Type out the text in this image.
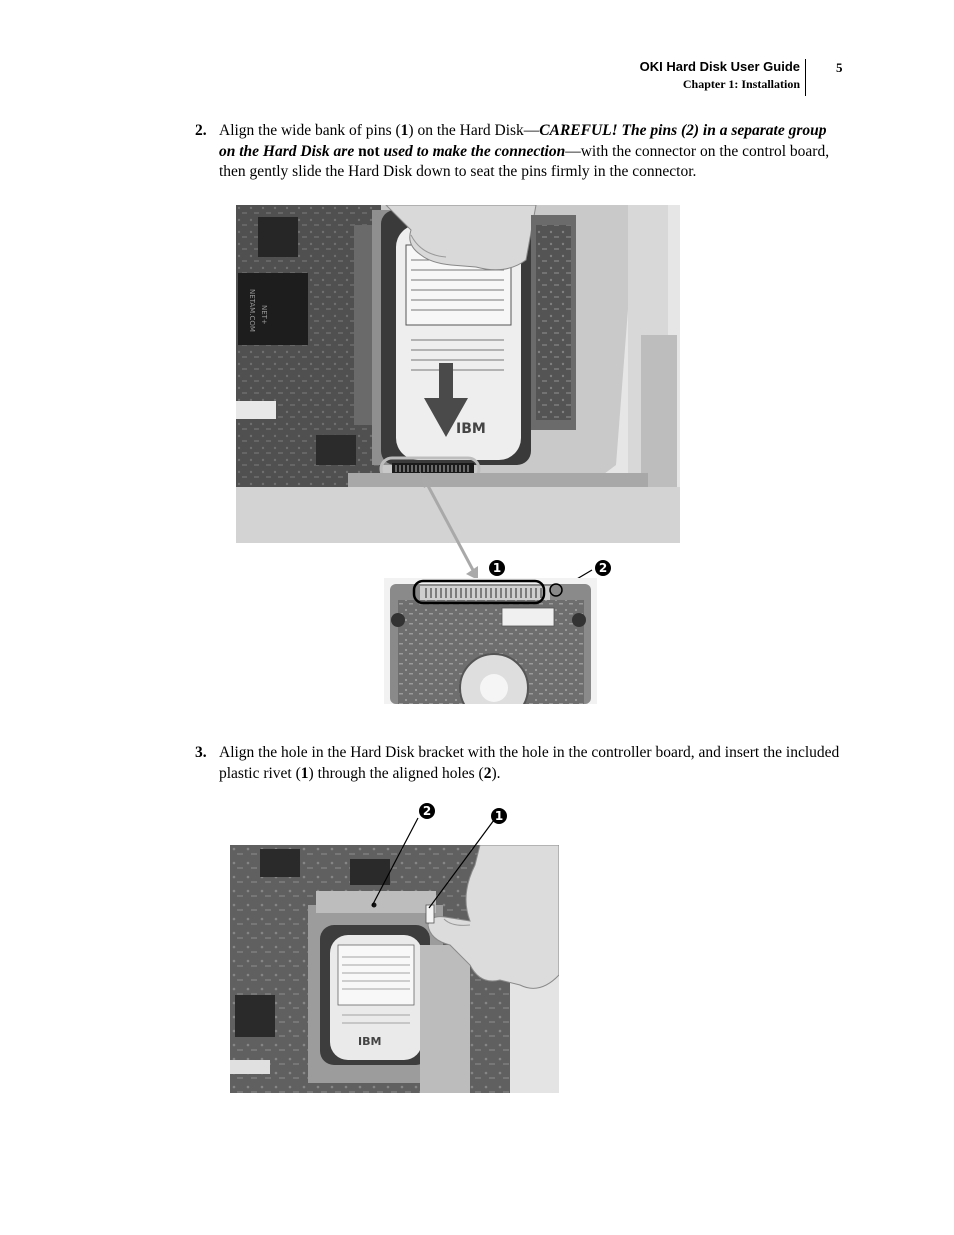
OKI Hard Disk User Guide
Chapter 1: Installation
5
2. Align the wide bank of pins (1) on the Hard Disk—CAREFUL! The pins (2) in a separate group on the Hard Disk are not used to make the connection—with the connector on the control board, then gently slide the Hard Disk down to seat the pins firmly in the connector.
NETAM.COM NET+
IBM
1	2
3. Align the hole in the Hard Disk bracket with the hole in the controller board, and insert the included plastic rivet (1) through the aligned holes (2).
IBM
2	1
